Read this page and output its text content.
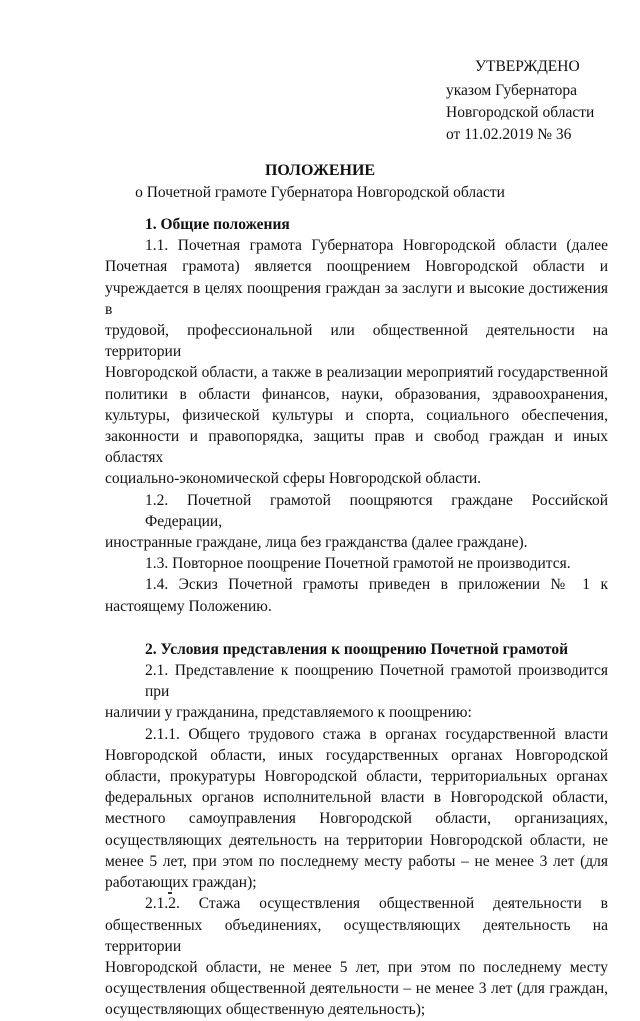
УТВЕРЖДЕНО
указом Губернатора
Новгородской области
от 11.02.2019 № 36
ПОЛОЖЕНИЕ
о Почетной грамоте Губернатора Новгородской области

1. Общие положения

1.1. Почетная грамота Губернатора Новгородской области (далее
Почетная грамота) является поощрением Новгородской области и
учреждается в целях поощрения граждан за заслуги и высокие достижения в
трудовой, профессиональной или общественной деятельности на территории
Новгородской области, а также в реализации мероприятий государственной
политики в области финансов, науки, образования, здравоохранения,
культуры, физической культуры и спорта, социального обеспечения,
законности и правопорядка, защиты прав и свобод граждан и иных областях
социально-экономической сферы Новгородской области.

1.2. Почетной грамотой поощряются граждане Российской Федерации,
иностранные граждане, лица без гражданства (далее граждане).

1.3. Повторное поощрение Почетной грамотой не производится.

1.4. Эскиз Почетной грамоты приведен в приложении № 1 к
настоящему Положению.

2. Условия представления к поощрению Почетной грамотой

2.1. Представление к поощрению Почетной грамотой производится при
наличии у гражданина, представляемого к поощрению:

2.1.1. Общего трудового стажа в органах государственной власти
Новгородской области, иных государственных органах Новгородской
области, прокуратуры Новгородской области, территориальных органах
федеральных органов исполнительной власти в Новгородской области,
местного самоуправления Новгородской области, организациях,
осуществляющих деятельность на территории Новгородской области, не
менее 5 лет, при этом по последнему месту работы – не менее 3 лет (для
работающих граждан);

2.1.2. Стажа осуществления общественной деятельности в
общественных объединениях, осуществляющих деятельность на территории
Новгородской области, не менее 5 лет, при этом по последнему месту
осуществления общественной деятельности – не менее 3 лет (для граждан,
осуществляющих общественную деятельность);
